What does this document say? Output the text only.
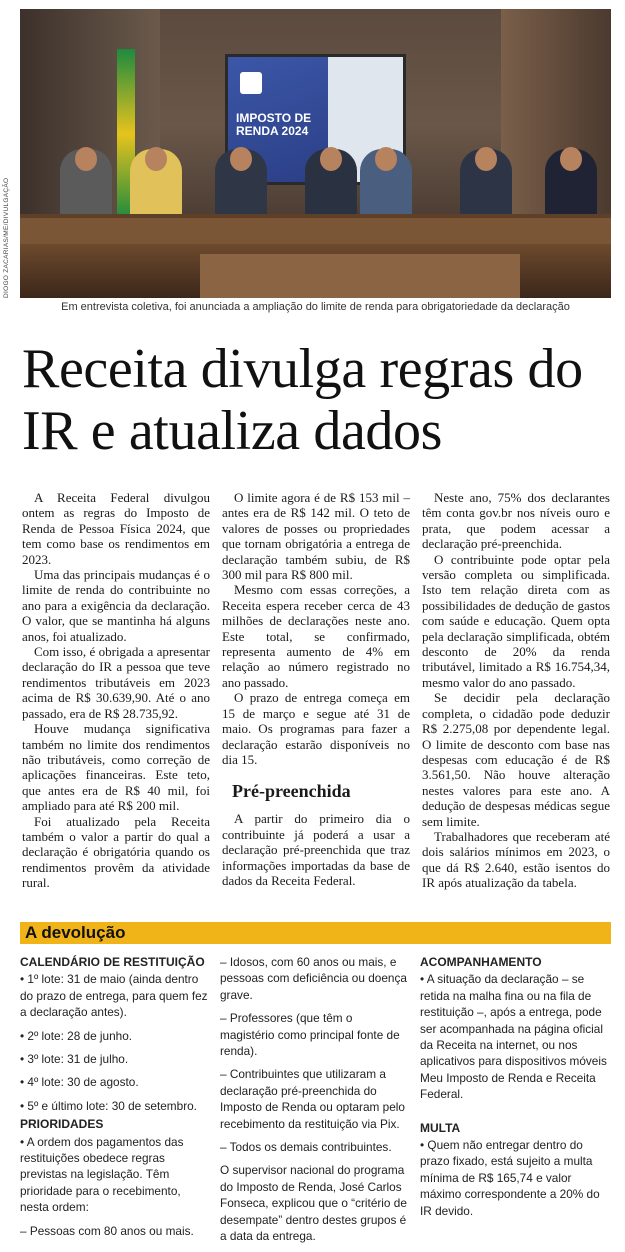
DIOGO ZACARIAS/ME/DIVULGAÇÃO
IMPOSTO DE RENDA 2024
Em entrevista coletiva, foi anunciada a ampliação do limite de renda para obrigatoriedade da declaração
Receita divulga regras do IR e atualiza dados

A Receita Federal divulgou ontem as regras do Imposto de Renda de Pessoa Física 2024, que tem como base os rendimentos em 2023.

Uma das principais mudanças é o limite de renda do contribuinte no ano para a exigência da declaração. O valor, que se mantinha há alguns anos, foi atualizado.

Com isso, é obrigada a apresentar declaração do IR a pessoa que teve rendimentos tributáveis em 2023 acima de R$ 30.639,90. Até o ano passado, era de R$ 28.735,92.

Houve mudança significativa também no limite dos rendimentos não tributáveis, como correção de aplicações financeiras. Este teto, que antes era de R$ 40 mil, foi ampliado para até R$ 200 mil.

Foi atualizado pela Receita também o valor a partir do qual a declaração é obrigatória quando os rendimentos provêm da atividade rural.

O limite agora é de R$ 153 mil – antes era de R$ 142 mil. O teto de valores de posses ou propriedades que tornam obrigatória a entrega de declaração também subiu, de R$ 300 mil para R$ 800 mil.

Mesmo com essas correções, a Receita espera receber cerca de 43 milhões de declarações neste ano. Este total, se confirmado, representa aumento de 4% em relação ao número registrado no ano passado.

O prazo de entrega começa em 15 de março e segue até 31 de maio. Os programas para fazer a declaração estarão disponíveis no dia 15.

Pré-preenchida

A partir do primeiro dia o contribuinte já poderá a usar a declaração pré-preenchida que traz informações importadas da base de dados da Receita Federal.

Neste ano, 75% dos declarantes têm conta gov.br nos níveis ouro e prata, que podem acessar a declaração pré-preenchida.

O contribuinte pode optar pela versão completa ou simplificada. Isto tem relação direta com as possibilidades de dedução de gastos com saúde e educação. Quem opta pela declaração simplificada, obtém desconto de 20% da renda tributável, limitado a R$ 16.754,34, mesmo valor do ano passado.

Se decidir pela declaração completa, o cidadão pode deduzir R$ 2.275,08 por dependente legal. O limite de desconto com base nas despesas com educação é de R$ 3.561,50. Não houve alteração nestes valores para este ano. A dedução de despesas médicas segue sem limite.

Trabalhadores que receberam até dois salários mínimos em 2023, o que dá R$ 2.640, estão isentos do IR após atualização da tabela.

A devolução
CALENDÁRIO DE RESTITUIÇÃO

• 1º lote: 31 de maio (ainda dentro do prazo de entrega, para quem fez a declaração antes).

• 2º lote: 28 de junho.

• 3º lote: 31 de julho.

• 4º lote: 30 de agosto.

• 5º e último lote: 30 de setembro.

PRIORIDADES

• A ordem dos pagamentos das restituições obedece regras previstas na legislação. Têm prioridade para o recebimento, nesta ordem:

– Pessoas com 80 anos ou mais.

– Idosos, com 60 anos ou mais, e pessoas com deficiência ou doença grave.

– Professores (que têm o magistério como principal fonte de renda).

– Contribuintes que utilizaram a declaração pré-preenchida do Imposto de Renda ou optaram pelo recebimento da restituição via Pix.

– Todos os demais contribuintes.

O supervisor nacional do programa do Imposto de Renda, José Carlos Fonseca, explicou que o “critério de desempate” dentro destes grupos é a data da entrega.

ACOMPANHAMENTO

• A situação da declaração – se retida na malha fina ou na fila de restituição –, após a entrega, pode ser acompanhada na página oficial da Receita na internet, ou nos aplicativos para dispositivos móveis Meu Imposto de Renda e Receita Federal.

MULTA

• Quem não entregar dentro do prazo fixado, está sujeito a multa mínima de R$ 165,74 e valor máximo correspondente a 20% do IR devido.
